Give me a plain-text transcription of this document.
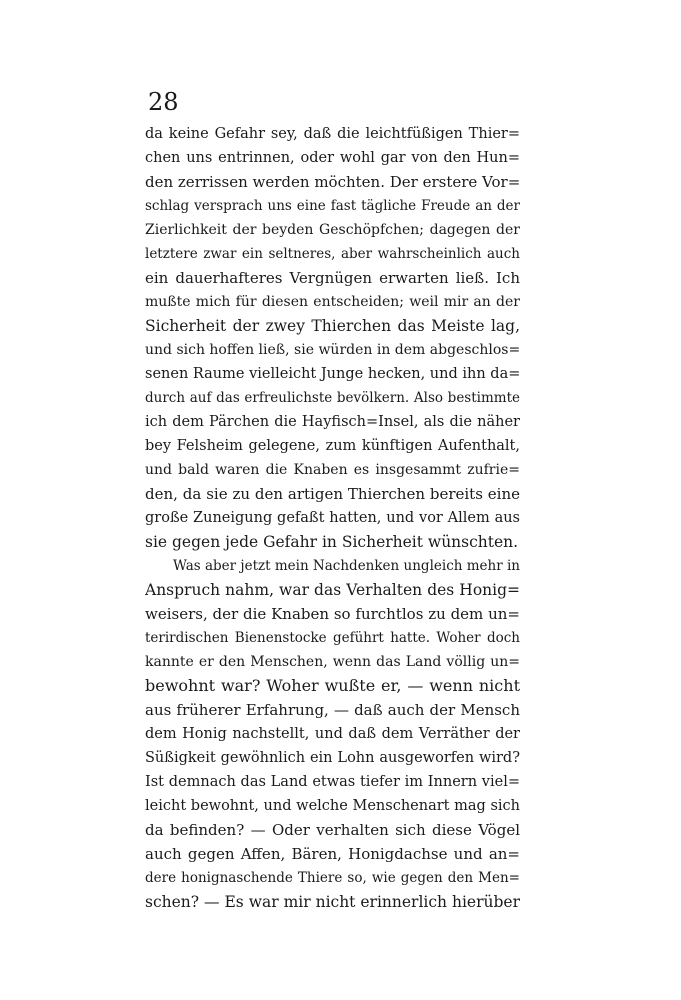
28
da keine Gefahr sey, daß die leichtfüßigen Thier=
chen uns entrinnen, oder wohl gar von den Hun=
den zerrissen werden möchten. Der erstere Vor=
schlag versprach uns eine fast tägliche Freude an der
Zierlichkeit der beyden Geschöpfchen; dagegen der
letztere zwar ein seltneres, aber wahrscheinlich auch
ein dauerhafteres Vergnügen erwarten ließ. Ich
mußte mich für diesen entscheiden; weil mir an der
Sicherheit der zwey Thierchen das Meiste lag,
und sich hoffen ließ, sie würden in dem abgeschlos=
senen Raume vielleicht Junge hecken, und ihn da=
durch auf das erfreulichste bevölkern. Also bestimmte
ich dem Pärchen die Hayfisch=Insel, als die näher
bey Felsheim gelegene, zum künftigen Aufenthalt,
und bald waren die Knaben es insgesammt zufrie=
den, da sie zu den artigen Thierchen bereits eine
große Zuneigung gefaßt hatten, und vor Allem aus
sie gegen jede Gefahr in Sicherheit wünschten.
Was aber jetzt mein Nachdenken ungleich mehr in
Anspruch nahm, war das Verhalten des Honig=
weisers, der die Knaben so furchtlos zu dem un=
terirdischen Bienenstocke geführt hatte. Woher doch
kannte er den Menschen, wenn das Land völlig un=
bewohnt war? Woher wußte er, — wenn nicht
aus früherer Erfahrung, — daß auch der Mensch
dem Honig nachstellt, und daß dem Verräther der
Süßigkeit gewöhnlich ein Lohn ausgeworfen wird?
Ist demnach das Land etwas tiefer im Innern viel=
leicht bewohnt, und welche Menschenart mag sich
da befinden? — Oder verhalten sich diese Vögel
auch gegen Affen, Bären, Honigdachse und an=
dere honignaschende Thiere so, wie gegen den Men=
schen? — Es war mir nicht erinnerlich hierüber
